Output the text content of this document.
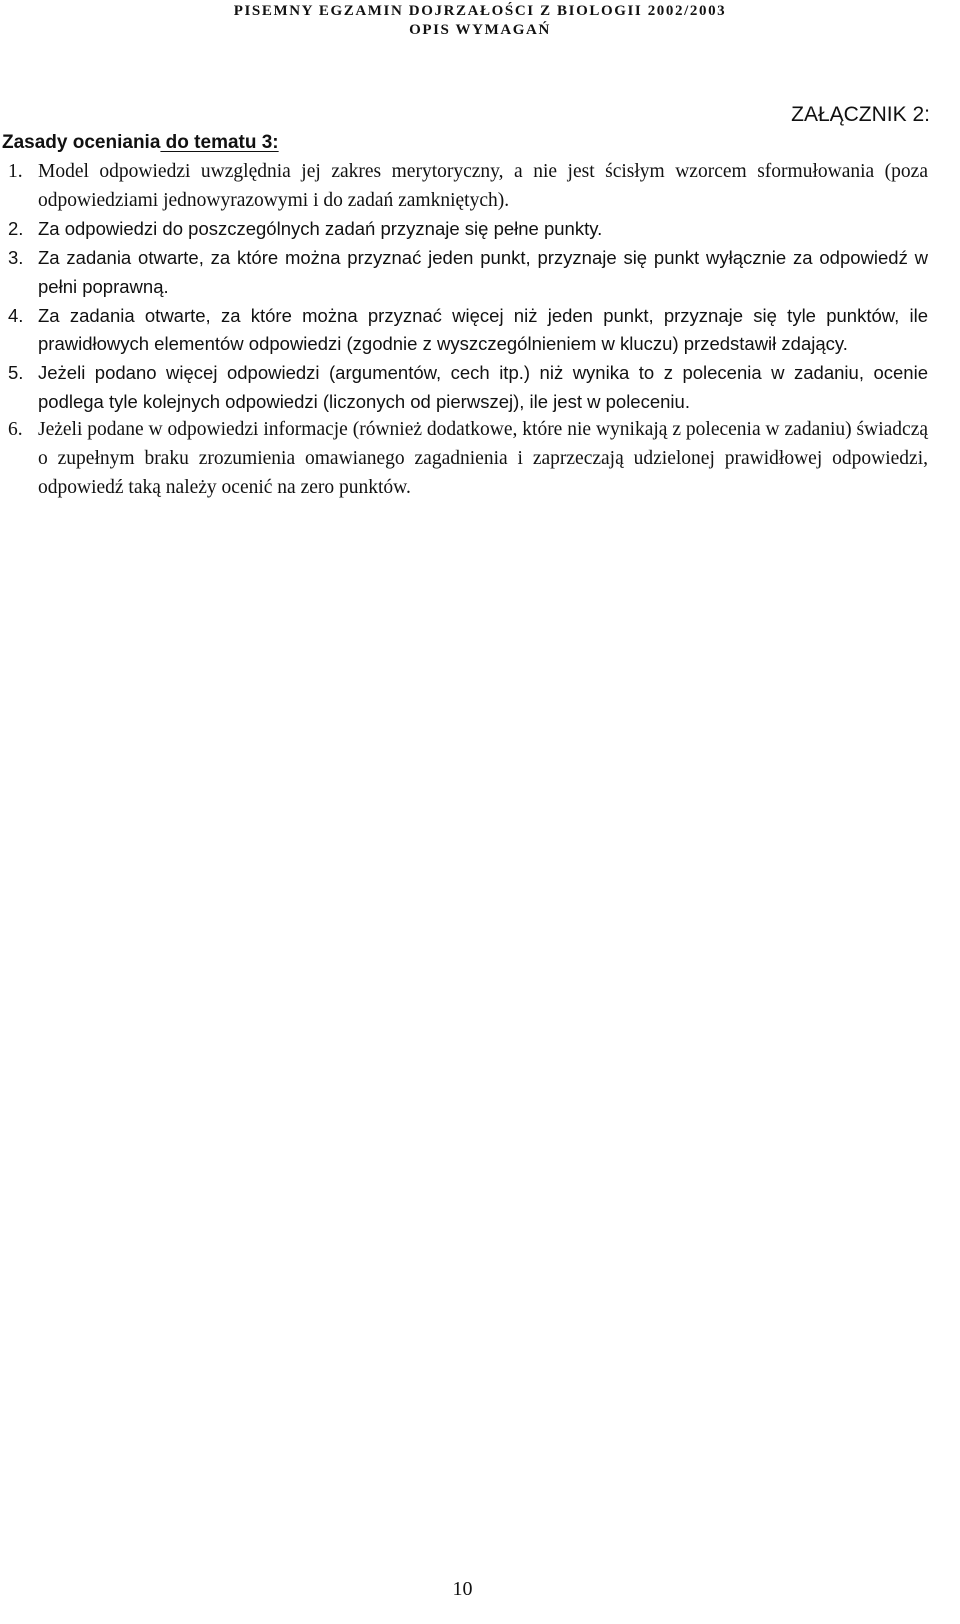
PISEMNY EGZAMIN DOJRZAŁOŚCI Z BIOLOGII 2002/2003
OPIS WYMAGAŃ
ZAŁĄCZNIK 2:
Zasady oceniania do tematu 3:
1. Model odpowiedzi uwzględnia jej zakres merytoryczny, a nie jest ścisłym wzorcem sformułowania (poza odpowiedziami jednowyrazowymi i do zadań zamkniętych).
2. Za odpowiedzi do poszczególnych zadań przyznaje się pełne punkty.
3. Za zadania otwarte, za które można przyznać jeden punkt, przyznaje się punkt wyłącznie za odpowiedź w pełni poprawną.
4. Za zadania otwarte, za które można przyznać więcej niż jeden punkt, przyznaje się tyle punktów, ile prawidłowych elementów odpowiedzi (zgodnie z wyszczególnieniem w kluczu) przedstawił zdający.
5. Jeżeli podano więcej odpowiedzi (argumentów, cech itp.) niż wynika to z polecenia w zadaniu, ocenie podlega tyle kolejnych odpowiedzi (liczonych od pierwszej), ile jest w poleceniu.
6. Jeżeli podane w odpowiedzi informacje (również dodatkowe, które nie wynikają z polecenia w zadaniu) świadczą o zupełnym braku zrozumienia omawianego zagadnienia i zaprzeczają udzielonej prawidłowej odpowiedzi, odpowiedź taką należy ocenić na zero punktów.
10
